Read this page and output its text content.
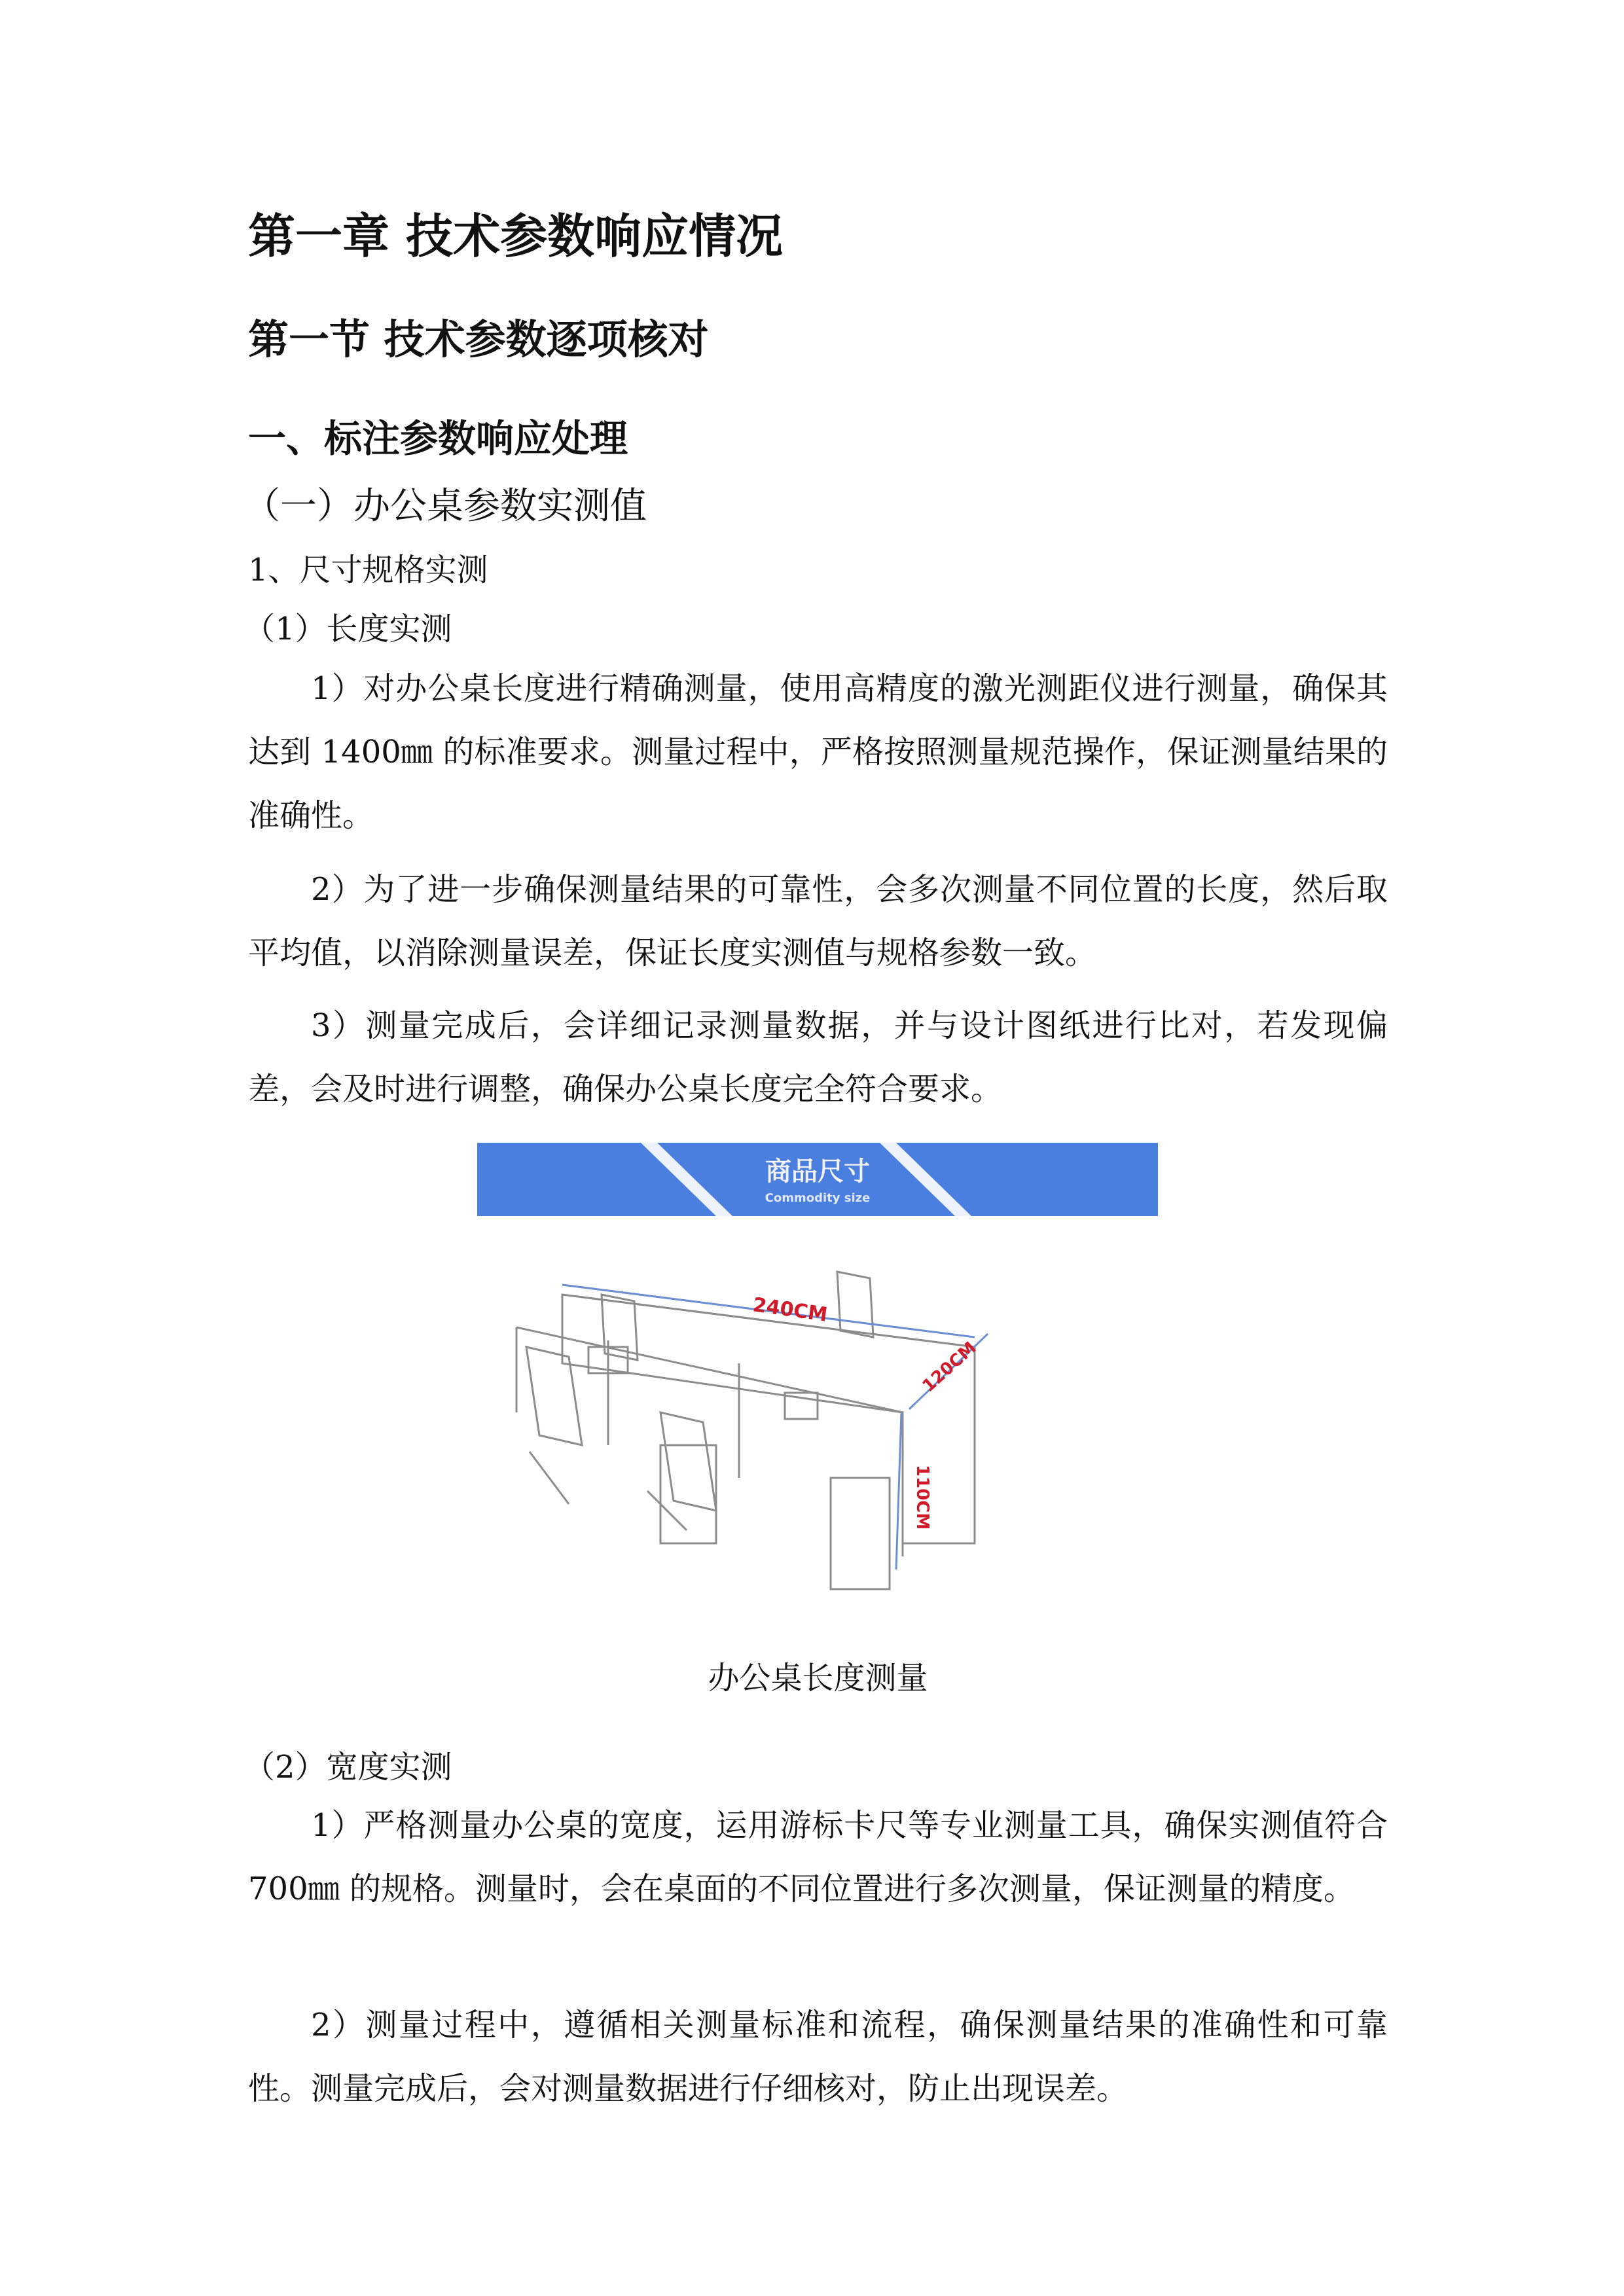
第一章 技术参数响应情况
第一节 技术参数逐项核对
一、标注参数响应处理
（一）办公桌参数实测值
1、尺寸规格实测
（1）长度实测
1）对办公桌长度进行精确测量，使用高精度的激光测距仪进行测量，确保其达到 1400㎜ 的标准要求。测量过程中，严格按照测量规范操作，保证测量结果的准确性。
2）为了进一步确保测量结果的可靠性，会多次测量不同位置的长度，然后取平均值，以消除测量误差，保证长度实测值与规格参数一致。
3）测量完成后，会详细记录测量数据，并与设计图纸进行比对，若发现偏差，会及时进行调整，确保办公桌长度完全符合要求。
商品尺寸
Commodity size
240CM
120CM
110CM
办公桌长度测量
（2）宽度实测
1）严格测量办公桌的宽度，运用游标卡尺等专业测量工具，确保实测值符合 700㎜ 的规格。测量时，会在桌面的不同位置进行多次测量，保证测量的精度。
2）测量过程中，遵循相关测量标准和流程，确保测量结果的准确性和可靠性。测量完成后，会对测量数据进行仔细核对，防止出现误差。
